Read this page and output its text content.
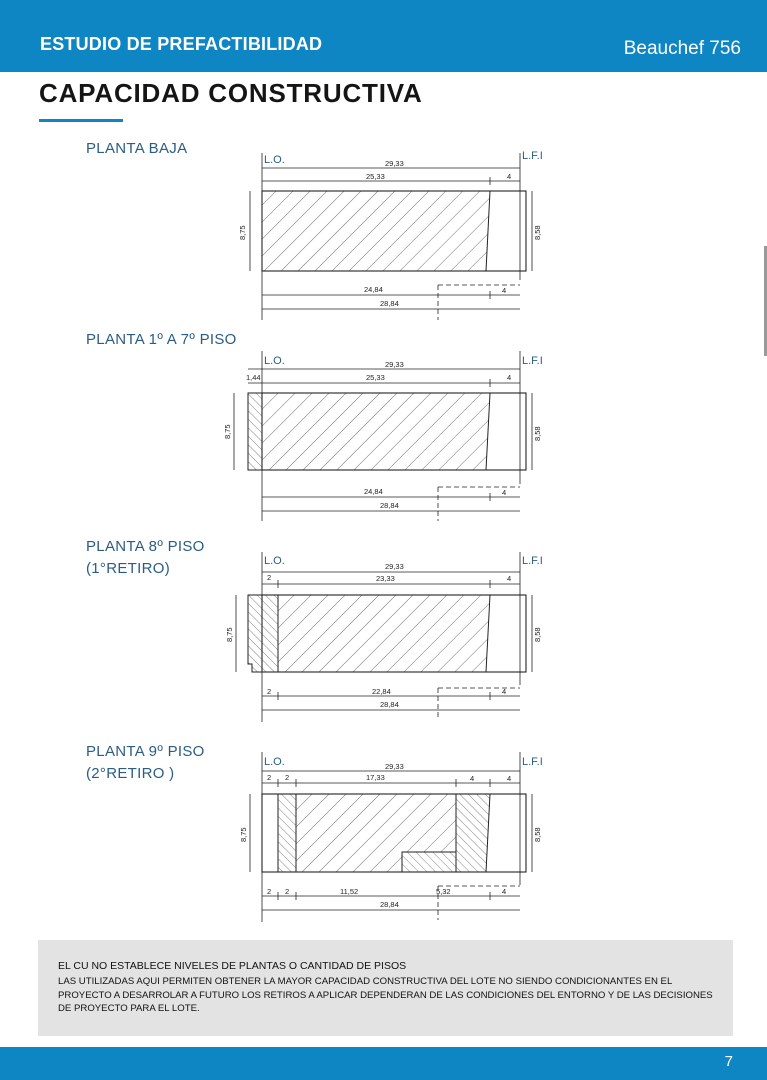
ESTUDIO DE PREFACTIBILIDAD	Beauchef 756
CAPACIDAD CONSTRUCTIVA
PLANTA BAJA
L.O.	L.F.I
29,33
25,33	4
8,75	8,58
24,84	4
28,84
PLANTA 1º A 7º PISO
L.O.	L.F.I
29,33
1,44	25,33	4
8,75	8,58
24,84	4
28,84
PLANTA 8º PISO
(1°RETIRO)	L.O.	L.F.I
29,33
2	23,33	4
8,75	8,58
2	22,84	4
28,84
PLANTA 9º PISO
(2°RETIRO )
L.O.	L.F.I
29,33
2 2	17,33	4	4
8,75	8,58
2 2	11,52	5,32	4
28,84
EL CU NO ESTABLECE NIVELES DE PLANTAS O CANTIDAD DE PISOS
LAS UTILIZADAS AQUI PERMITEN OBTENER LA MAYOR CAPACIDAD CONSTRUCTIVA DEL LOTE NO SIENDO CONDICIONANTES EN EL PROYECTO A DESARROLAR A FUTURO LOS RETIROS A APLICAR DEPENDERAN DE LAS CONDICIONES DEL ENTORNO Y DE LAS DECISIONES DE PROYECTO PARA EL LOTE.
7
